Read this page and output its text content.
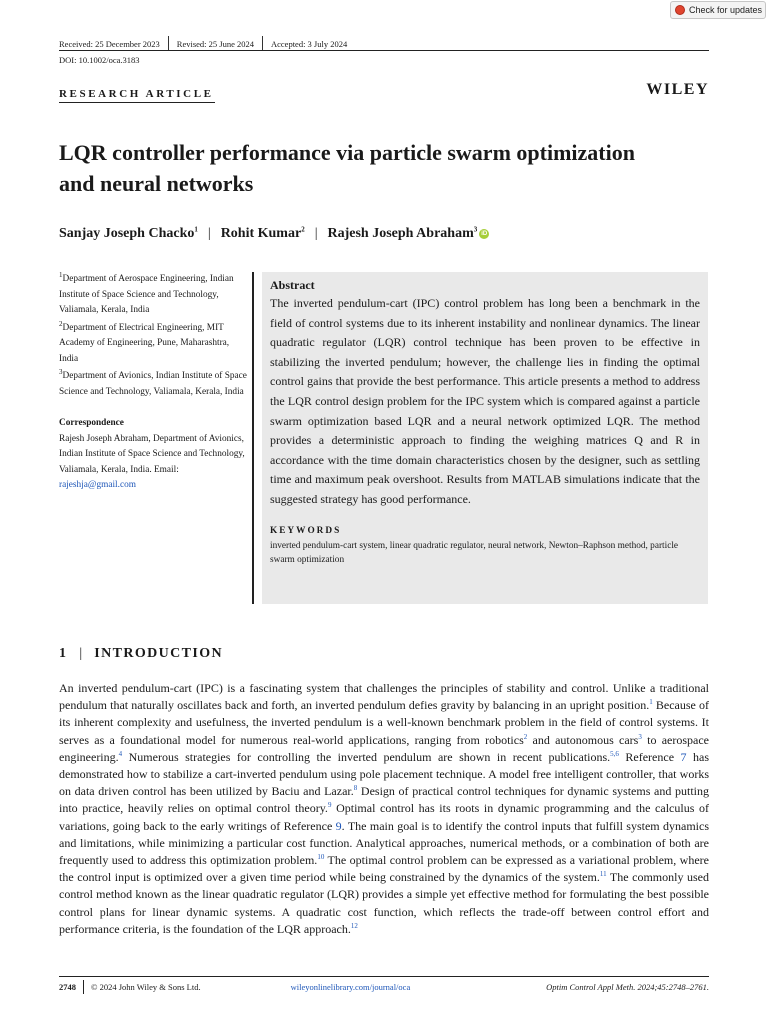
Check for updates
Received: 25 December 2023 Revised: 25 June 2024 Accepted: 3 July 2024
DOI: 10.1002/oca.3183
RESEARCH ARTICLE	WILEY
LQR controller performance via particle swarm optimization and neural networks
Sanjay Joseph Chacko$^1$ | Rohit Kumar$^2$ | Rajesh Joseph Abraham$^3$
iD
$^1$Department of Aerospace Engineering, Indian Institute of Space Science and Technology, Valiamala, Kerala, India
$^2$Department of Electrical Engineering, MIT Academy of Engineering, Pune, Maharashtra, India
$^3$Department of Avionics, Indian Institute of Space Science and Technology, Valiamala, Kerala, India
Correspondence
Rajesh Joseph Abraham, Department of Avionics, Indian Institute of Space Science and Technology, Valiamala, Kerala, India. Email: rajeshja@gmail.com
Abstract
The inverted pendulum-cart (IPC) control problem has long been a benchmark in the field of control systems due to its inherent instability and nonlinear dynamics. The linear quadratic regulator (LQR) control technique has been proven to be effective in stabilizing the inverted pendulum; however, the challenge lies in finding the optimal control gains that provide the best performance. This article presents a method to address the LQR control design problem for the IPC system which is compared against a particle swarm optimization based LQR and a neural network optimized LQR. The method provides a deterministic approach to finding the weighing matrices Q and R in accordance with the time domain characteristics chosen by the designer, such as settling time and maximum peak overshoot. Results from MATLAB simulations indicate that the suggested strategy has good performance.
KEYWORDS
inverted pendulum-cart system, linear quadratic regulator, neural network, Newton–Raphson method, particle swarm optimization
1 | INTRODUCTION
An inverted pendulum-cart (IPC) is a fascinating system that challenges the principles of stability and control. Unlike a traditional pendulum that naturally oscillates back and forth, an inverted pendulum defies gravity by balancing in an upright position.$^1$ Because of its inherent complexity and usefulness, the inverted pendulum is a well-known benchmark problem in the field of control systems. It serves as a foundational model for numerous real-world applications, ranging from robotics$^2$ and autonomous cars$^3$ to aerospace engineering.$^4$ Numerous strategies for controlling the inverted pendulum are shown in recent publications.$^{5,6}$ Reference 7 has demonstrated how to stabilize a cart-inverted pendulum using pole placement technique. A model free intelligent controller, that works on data driven control has been utilized by Baciu and Lazar.$^8$ Design of practical control techniques for dynamic systems and putting into practice, heavily relies on optimal control theory.$^9$ Optimal control has its roots in dynamic programming and the calculus of variations, going back to the early writings of Reference 9. The main goal is to identify the control inputs that fulfill system dynamics and limitations, while minimizing a particular cost function. Analytical approaches, numerical methods, or a combination of both are frequently used to address this optimization problem.$^{10}$ The optimal control problem can be expressed as a variational problem, where the control input is optimized over a given time period while being constrained by the dynamics of the system.$^{11}$ The commonly used control method known as the linear quadratic regulator (LQR) provides a simple yet effective method for formulating the best possible control plans for linear dynamic systems. A quadratic cost function, which reflects the trade-off between control effort and performance criteria, is the foundation of the LQR approach.$^{12}$
2748 © 2024 John Wiley & Sons Ltd.	wileyonlinelibrary.com/journal/oca	Optim Control Appl Meth. 2024;45:2748–2761.
